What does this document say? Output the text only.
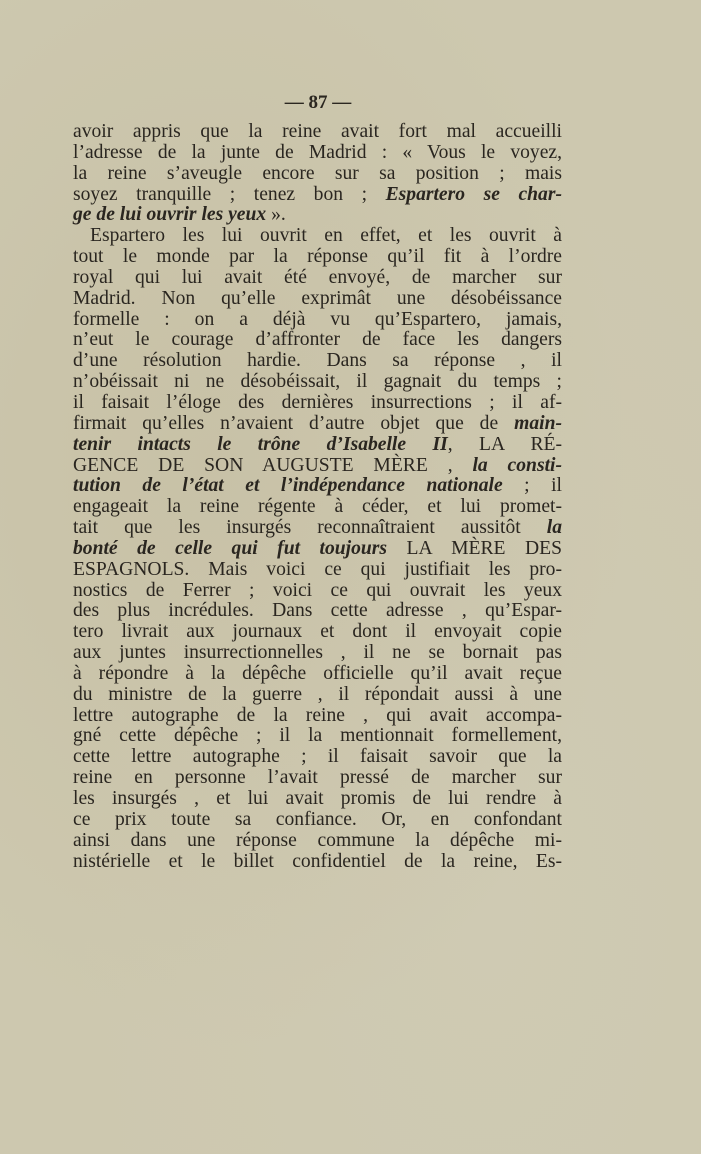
— 87 —
avoir appris que la reine avait fort mal accueilli
l’adresse de la junte de Madrid : « Vous le voyez,
la reine s’aveugle encore sur sa position ; mais
soyez tranquille ; tenez bon ; Espartero se char-
ge de lui ouvrir les yeux ».
Espartero les lui ouvrit en effet, et les ouvrit à
tout le monde par la réponse qu’il fit à l’ordre
royal qui lui avait été envoyé, de marcher sur
Madrid. Non qu’elle exprimât une désobéissance
formelle : on a déjà vu qu’Espartero, jamais,
n’eut le courage d’affronter de face les dangers
d’une résolution hardie. Dans sa réponse , il
n’obéissait ni ne désobéissait, il gagnait du temps ;
il faisait l’éloge des dernières insurrections ; il af-
firmait qu’elles n’avaient d’autre objet que de main-
tenir intacts le trône d’Isabelle II, LA RÉ-
GENCE DE SON AUGUSTE MÈRE , la consti-
tution de l’état et l’indépendance nationale ; il
engageait la reine régente à céder, et lui promet-
tait que les insurgés reconnaîtraient aussitôt la
bonté de celle qui fut toujours LA MÈRE DES
ESPAGNOLS. Mais voici ce qui justifiait les pro-
nostics de Ferrer ; voici ce qui ouvrait les yeux
des plus incrédules. Dans cette adresse , qu’Espar-
tero livrait aux journaux et dont il envoyait copie
aux juntes insurrectionnelles , il ne se bornait pas
à répondre à la dépêche officielle qu’il avait reçue
du ministre de la guerre , il répondait aussi à une
lettre autographe de la reine , qui avait accompa-
gné cette dépêche ; il la mentionnait formellement,
cette lettre autographe ; il faisait savoir que la
reine en personne l’avait pressé de marcher sur
les insurgés , et lui avait promis de lui rendre à
ce prix toute sa confiance. Or, en confondant
ainsi dans une réponse commune la dépêche mi-
nistérielle et le billet confidentiel de la reine, Es-
